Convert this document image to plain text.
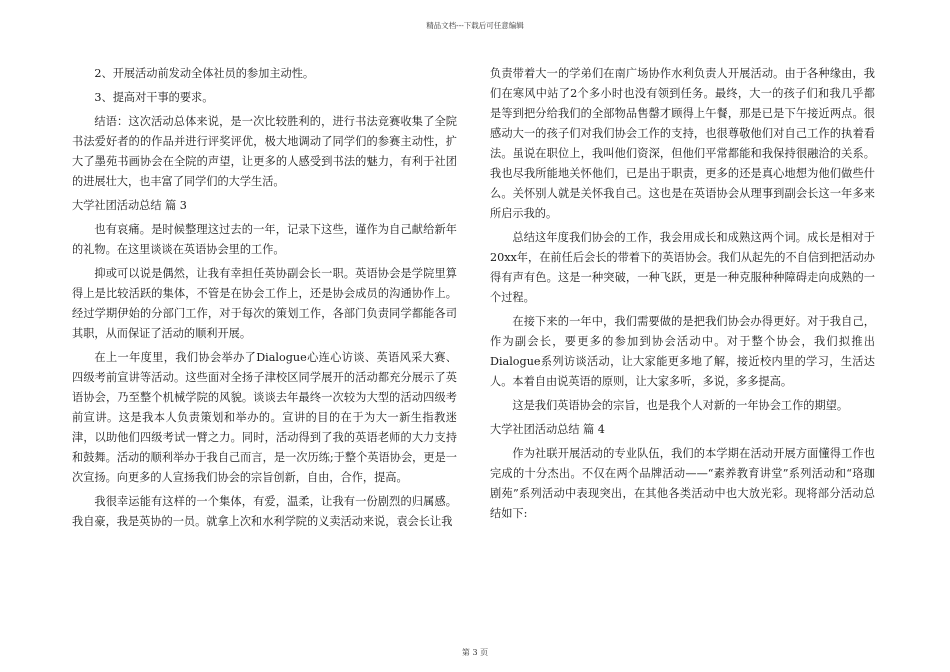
精品文档---下载后可任意编辑

2、开展活动前发动全体社员的参加主动性。

3、提高对干事的要求。

结语：这次活动总体来说，是一次比较胜利的，进行书法竞赛收集了全院书法爱好者的的作品并进行评奖评优，极大地调动了同学们的参赛主动性，扩大了墨苑书画协会在全院的声望，让更多的人感受到书法的魅力，有利于社团的进展壮大，也丰富了同学们的大学生活。

大学社团活动总结 篇 3

也有哀痛。是时候整理这过去的一年，记录下这些，谨作为自己献给新年的礼物。在这里谈谈在英语协会里的工作。

抑或可以说是偶然，让我有幸担任英协副会长一职。英语协会是学院里算得上是比较活跃的集体，不管是在协会工作上，还是协会成员的沟通协作上。经过学期伊始的分部门工作，对于每次的策划工作，各部门负责同学都能各司其职，从而保证了活动的顺利开展。

在上一年度里，我们协会举办了Dialogue心连心访谈、英语风采大赛、四级考前宣讲等活动。这些面对全扬子津校区同学展开的活动都充分展示了英语协会，乃至整个机械学院的风貌。谈谈去年最终一次较为大型的活动四级考前宣讲。这是我本人负责策划和举办的。宣讲的目的在于为大一新生指教迷津，以助他们四级考试一臂之力。同时，活动得到了我的英语老师的大力支持和鼓舞。活动的顺利举办于我自己而言，是一次历练;于整个英语协会，更是一次宣扬。向更多的人宣扬我们协会的宗旨创新，自由，合作，提高。

我很幸运能有这样的一个集体，有爱，温柔，让我有一份剧烈的归属感。我自豪，我是英协的一员。就拿上次和水利学院的义卖活动来说，袁会长让我

负责带着大一的学弟们在南广场协作水利负责人开展活动。由于各种缘由，我们在寒风中站了2个多小时也没有领到任务。最终，大一的孩子们和我几乎都是等到把分给我们的全部物品售罄才顾得上午餐，那是已是下午接近两点。很感动大一的孩子们对我们协会工作的支持，也很尊敬他们对自己工作的执着看法。虽说在职位上，我叫他们资深，但他们平常都能和我保持很融洽的关系。我也尽我所能地关怀他们，已是出于职责，更多的还是真心地想为他们做些什么。关怀别人就是关怀我自己。这也是在英语协会从理事到副会长这一年多来所启示我的。

总结这年度我们协会的工作，我会用成长和成熟这两个词。成长是相对于20xx年，在前任后会长的带着下的英语协会。我们从起先的不自信到把活动办得有声有色。这是一种突破，一种飞跃，更是一种克服种种障碍走向成熟的一个过程。

在接下来的一年中，我们需要做的是把我们协会办得更好。对于我自己，作为副会长，要更多的参加到协会活动中。对于整个协会，我们拟推出Dialogue系列访谈活动，让大家能更多地了解，接近校内里的学习，生活达人。本着自由说英语的原则，让大家多听，多说，多多提高。

这是我们英语协会的宗旨，也是我个人对新的一年协会工作的期望。

大学社团活动总结 篇 4

作为社联开展活动的专业队伍，我们的本学期在活动开展方面懂得工作也完成的十分杰出。不仅在两个品牌活动——“素养教育讲堂”系列活动和“珞珈剧苑”系列活动中表现突出，在其他各类活动中也大放光彩。现将部分活动总结如下:

第 3 页
